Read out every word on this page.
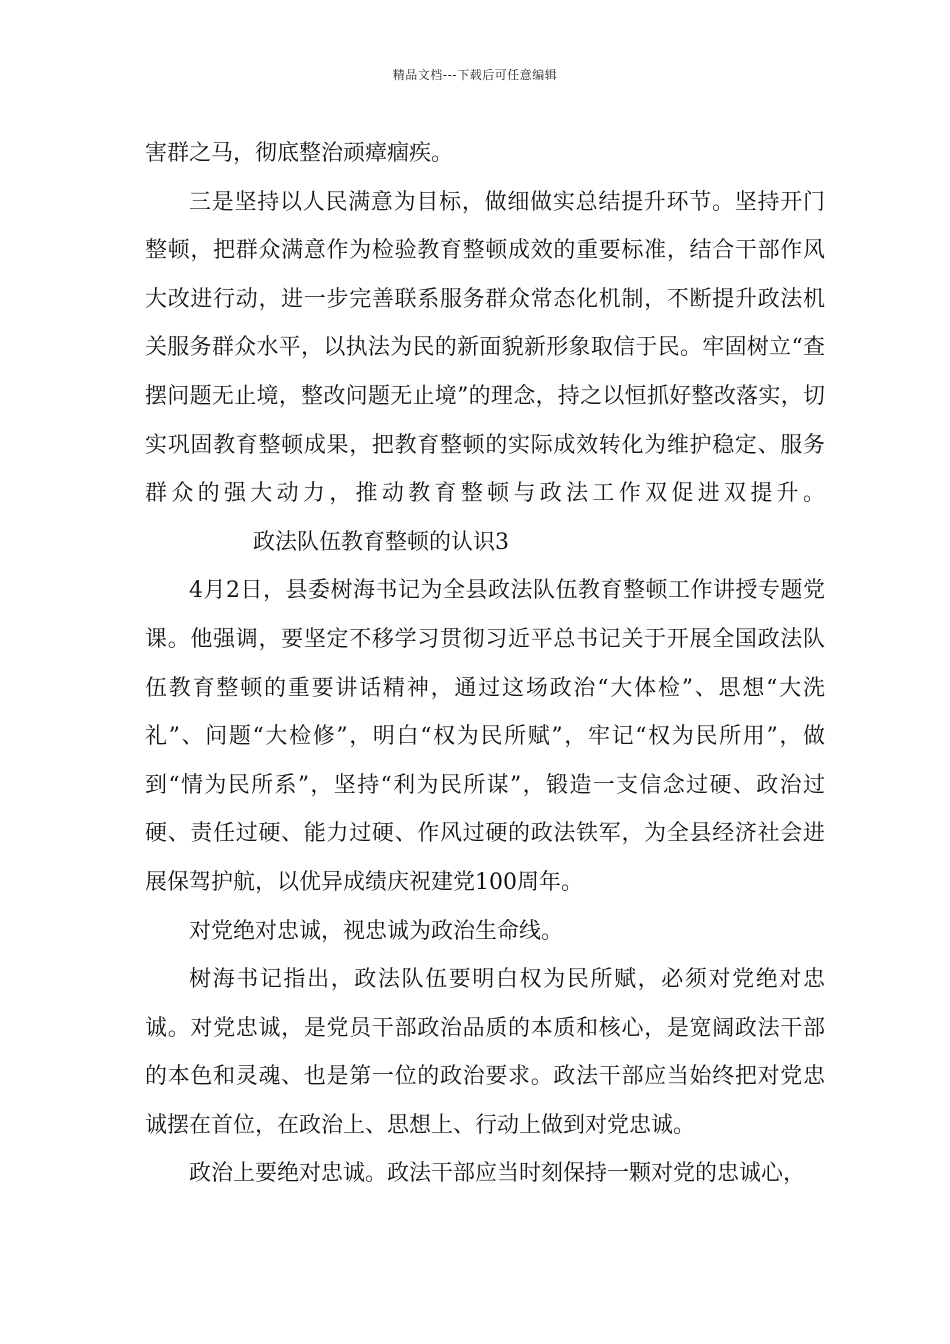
精品文档---下载后可任意编辑

害群之马，彻底整治顽瘴痼疾。

三是坚持以人民满意为目标，做细做实总结提升环节。坚持开门整顿，把群众满意作为检验教育整顿成效的重要标准，结合干部作风大改进行动，进一步完善联系服务群众常态化机制，不断提升政法机关服务群众水平，以执法为民的新面貌新形象取信于民。牢固树立“查摆问题无止境，整改问题无止境”的理念，持之以恒抓好整改落实，切实巩固教育整顿成果，把教育整顿的实际成效转化为维护稳定、服务群众的强大动力，推动教育整顿与政法工作双促进双提升。政法队伍教育整顿的认识3

4月2日，县委树海书记为全县政法队伍教育整顿工作讲授专题党课。他强调，要坚定不移学习贯彻习近平总书记关于开展全国政法队伍教育整顿的重要讲话精神，通过这场政治“大体检”、思想“大洗礼”、问题“大检修”，明白“权为民所赋”，牢记“权为民所用”，做到“情为民所系”，坚持“利为民所谋”，锻造一支信念过硬、政治过硬、责任过硬、能力过硬、作风过硬的政法铁军，为全县经济社会进展保驾护航，以优异成绩庆祝建党100周年。

对党绝对忠诚，视忠诚为政治生命线。

树海书记指出，政法队伍要明白权为民所赋，必须对党绝对忠诚。对党忠诚，是党员干部政治品质的本质和核心，是宽阔政法干部的本色和灵魂、也是第一位的政治要求。政法干部应当始终把对党忠诚摆在首位，在政治上、思想上、行动上做到对党忠诚。

政治上要绝对忠诚。政法干部应当时刻保持一颗对党的忠诚心，
